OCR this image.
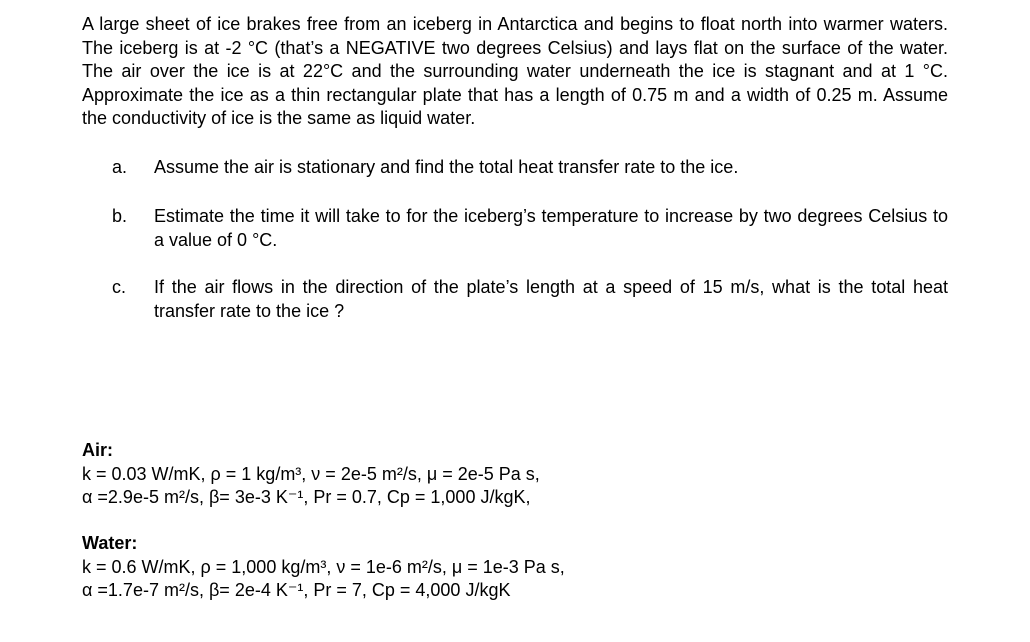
A large sheet of ice brakes free from an iceberg in Antarctica and begins to float north into warmer waters. The iceberg is at -2 °C (that’s a NEGATIVE two degrees Celsius) and lays flat on the surface of the water. The air over the ice is at 22°C and the surrounding water underneath the ice is stagnant and at 1 °C. Approximate the ice as a thin rectangular plate that has a length of 0.75 m and a width of 0.25 m. Assume the conductivity of ice is the same as liquid water.

a. Assume the air is stationary and find the total heat transfer rate to the ice.
b. Estimate the time it will take to for the iceberg’s temperature to increase by two degrees Celsius to a value of 0 °C.
c. If the air flows in the direction of the plate’s length at a speed of 15 m/s, what is the total heat transfer rate to the ice ?
Air:
k = 0.03 W/mK, ρ = 1 kg/m³, ν = 2e-5 m²/s, μ = 2e-5 Pa s,
α =2.9e-5 m²/s, β= 3e-3 K⁻¹, Pr = 0.7, Cp = 1,000 J/kgK,
Water:
k = 0.6 W/mK, ρ = 1,000 kg/m³, ν = 1e-6 m²/s, μ = 1e-3 Pa s,
α =1.7e-7 m²/s, β= 2e-4 K⁻¹, Pr = 7, Cp = 4,000 J/kgK
